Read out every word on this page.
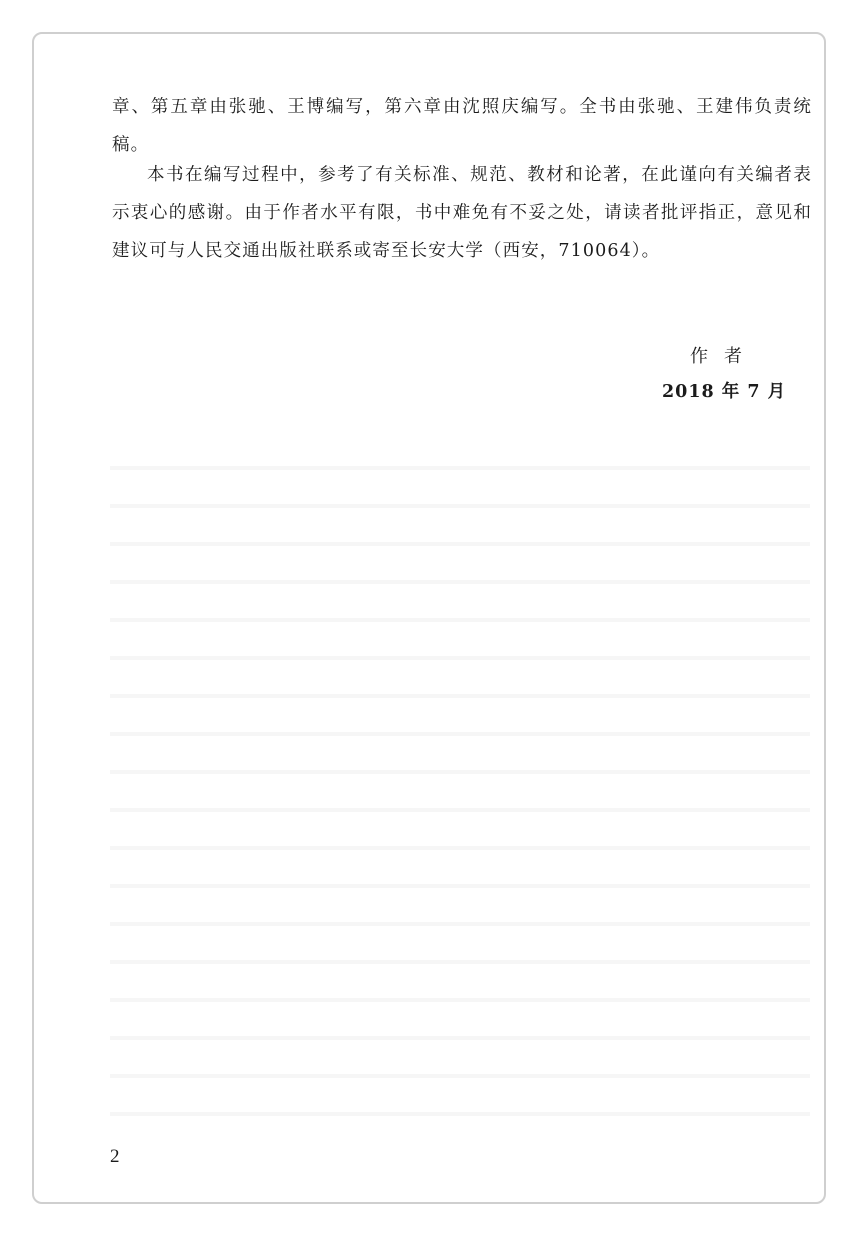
章、第五章由张驰、王博编写，第六章由沈照庆编写。全书由张驰、王建伟负责统稿。

本书在编写过程中，参考了有关标准、规范、教材和论著，在此谨向有关编者表示衷心的感谢。由于作者水平有限，书中难免有不妥之处，请读者批评指正，意见和建议可与人民交通出版社联系或寄至长安大学（西安，710064）。

作者
2018 年 7 月
2
